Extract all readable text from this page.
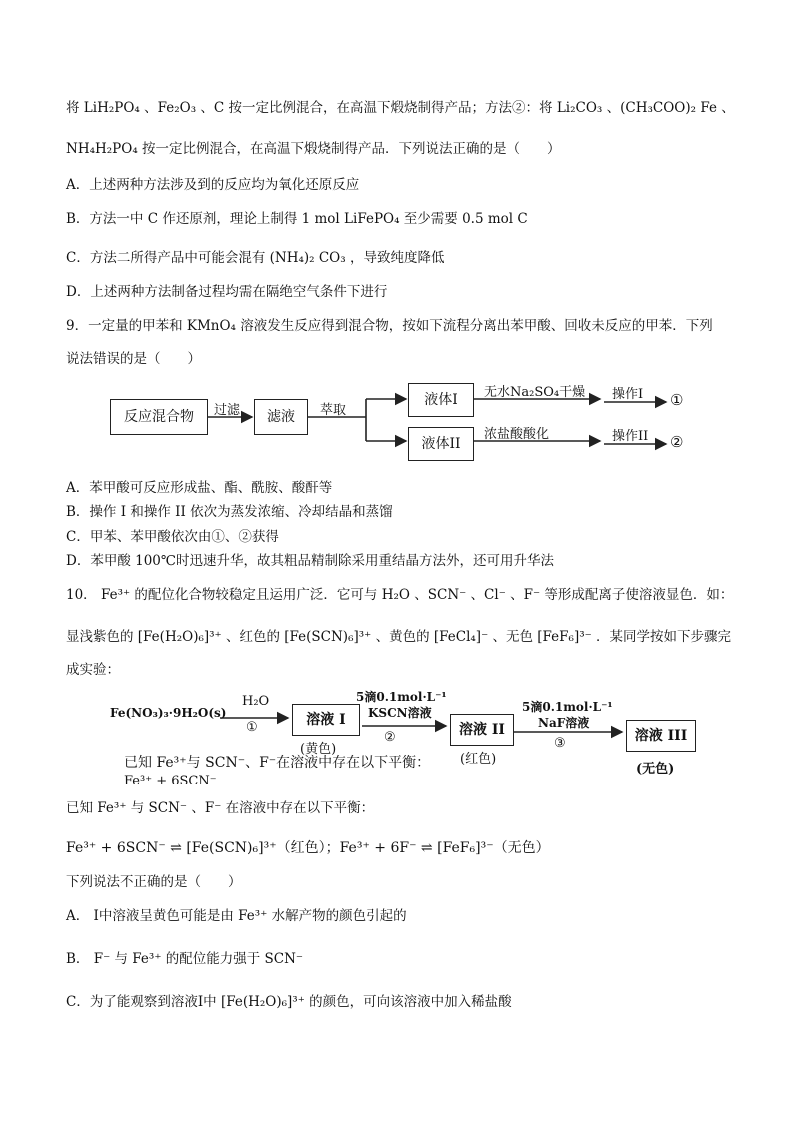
将 LiH₂PO₄ 、Fe₂O₃ 、C 按一定比例混合，在高温下煅烧制得产品；方法②：将 Li₂CO₃ 、(CH₃COO)₂ Fe 、
NH₄H₂PO₄ 按一定比例混合，在高温下煅烧制得产品．下列说法正确的是（　　）
A．上述两种方法涉及到的反应均为氧化还原反应
B．方法一中 C 作还原剂，理论上制得 1 mol LiFePO₄ 至少需要 0.5 mol C
C．方法二所得产品中可能会混有 (NH₄)₂ CO₃ ，导致纯度降低
D．上述两种方法制备过程均需在隔绝空气条件下进行
9．一定量的甲苯和 KMnO₄ 溶液发生反应得到混合物，按如下流程分离出苯甲酸、回收未反应的甲苯．下列
说法错误的是（　　）
反应混合物	过滤	滤液	萃取
液体I
液体II
无水Na₂SO₄干燥
浓盐酸酸化
操作I
操作II
①
②
A．苯甲酸可反应形成盐、酯、酰胺、酸酐等
B．操作 I 和操作 II 依次为蒸发浓缩、冷却结晶和蒸馏
C．甲苯、苯甲酸依次由①、②获得
D．苯甲酸 100℃时迅速升华，故其粗品精制除采用重结晶方法外，还可用升华法
10． Fe³⁺ 的配位化合物较稳定且运用广泛．它可与 H₂O 、SCN⁻ 、Cl⁻ 、F⁻ 等形成配离子使溶液显色．如：
显浅紫色的 [Fe(H₂O)₆]³⁺ 、红色的 [Fe(SCN)₆]³⁺ 、黄色的 [FeCl₄]⁻ 、无色 [FeF₆]³⁻ ．某同学按如下步骤完
成实验：
Fe(NO₃)₃·9H₂O(s)
H₂O
①	溶液 I
(黄色)
5滴0.1mol·L⁻¹
KSCN溶液
②	溶液 II
(红色)
5滴0.1mol·L⁻¹
NaF溶液
③	溶液 III
(无色)
已知 Fe³⁺与 SCN⁻、F⁻在溶液中存在以下平衡：
Fe³⁺ + 6SCN⁻
已知 Fe³⁺ 与 SCN⁻ 、F⁻ 在溶液中存在以下平衡：
Fe³⁺ + 6SCN⁻ ⇌ [Fe(SCN)₆]³⁺（红色）；Fe³⁺ + 6F⁻ ⇌ [FeF₆]³⁻（无色）
下列说法不正确的是（　　）
A． Ⅰ中溶液呈黄色可能是由 Fe³⁺ 水解产物的颜色引起的
B． F⁻ 与 Fe³⁺ 的配位能力强于 SCN⁻
C．为了能观察到溶液Ⅰ中 [Fe(H₂O)₆]³⁺ 的颜色，可向该溶液中加入稀盐酸
